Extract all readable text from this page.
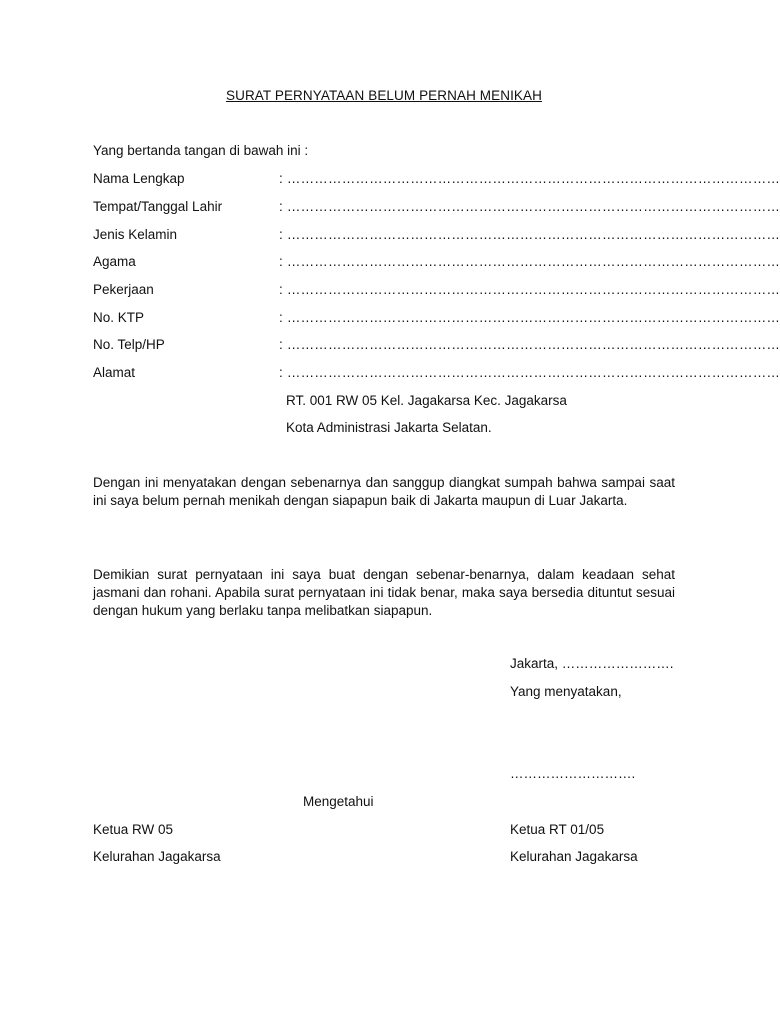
SURAT PERNYATAAN BELUM PERNAH MENIKAH
Yang bertanda tangan di bawah ini :
Nama Lengkap	: ………………………………………………………………………………………………
Tempat/Tanggal Lahir	: ………………………………………………………………………………………………
Jenis Kelamin	: ………………………………………………………………………………………………
Agama	: ………………………………………………………………………………………………
Pekerjaan	: ………………………………………………………………………………………………
No. KTP	: ………………………………………………………………………………………………
No. Telp/HP	: ………………………………………………………………………………………………
Alamat	: ………………………………………………………………………………………………
RT. 001 RW 05 Kel. Jagakarsa Kec. Jagakarsa
Kota Administrasi Jakarta Selatan.
Dengan ini menyatakan dengan sebenarnya dan sanggup diangkat sumpah bahwa sampai saat ini saya belum pernah menikah dengan siapapun baik di Jakarta maupun di Luar Jakarta.
Demikian surat pernyataan ini saya buat dengan sebenar-benarnya, dalam keadaan sehat jasmani dan rohani. Apabila surat pernyataan ini tidak benar, maka saya bersedia dituntut sesuai dengan hukum yang berlaku tanpa melibatkan siapapun.
Jakarta, …………………….
Yang menyatakan,
……………………….
Mengetahui
Ketua RW 05
Kelurahan Jagakarsa
Ketua RT 01/05
Kelurahan Jagakarsa
